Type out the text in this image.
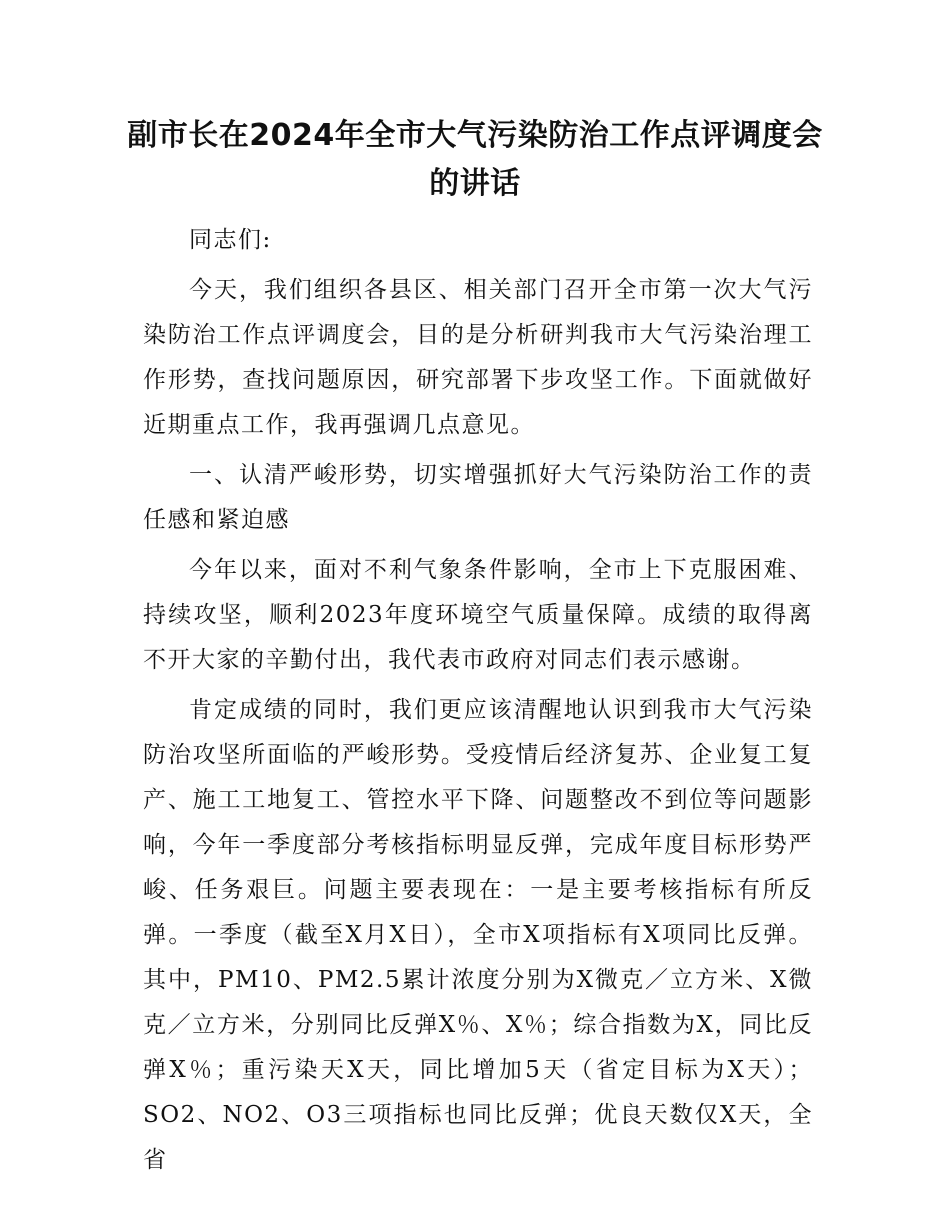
副市长在2024年全市大气污染防治工作点评调度会的讲话

同志们:

今天，我们组织各县区、相关部门召开全市第一次大气污染防治工作点评调度会，目的是分析研判我市大气污染治理工作形势，查找问题原因，研究部署下步攻坚工作。下面就做好近期重点工作，我再强调几点意见。

一、认清严峻形势，切实增强抓好大气污染防治工作的责任感和紧迫感

今年以来，面对不利气象条件影响，全市上下克服困难、持续攻坚，顺利2023年度环境空气质量保障。成绩的取得离不开大家的辛勤付出，我代表市政府对同志们表示感谢。

肯定成绩的同时，我们更应该清醒地认识到我市大气污染防治攻坚所面临的严峻形势。受疫情后经济复苏、企业复工复产、施工工地复工、管控水平下降、问题整改不到位等问题影响，今年一季度部分考核指标明显反弹，完成年度目标形势严峻、任务艰巨。问题主要表现在：一是主要考核指标有所反弹。一季度（截至X月X日），全市X项指标有X项同比反弹。其中，PM10、PM2.5累计浓度分别为X微克／立方米、X微克／立方米，分别同比反弹X％、X％；综合指数为X，同比反弹X％；重污染天X天，同比增加5天（省定目标为X天）；SO2、NO2、O3三项指标也同比反弹；优良天数仅X天，全省
